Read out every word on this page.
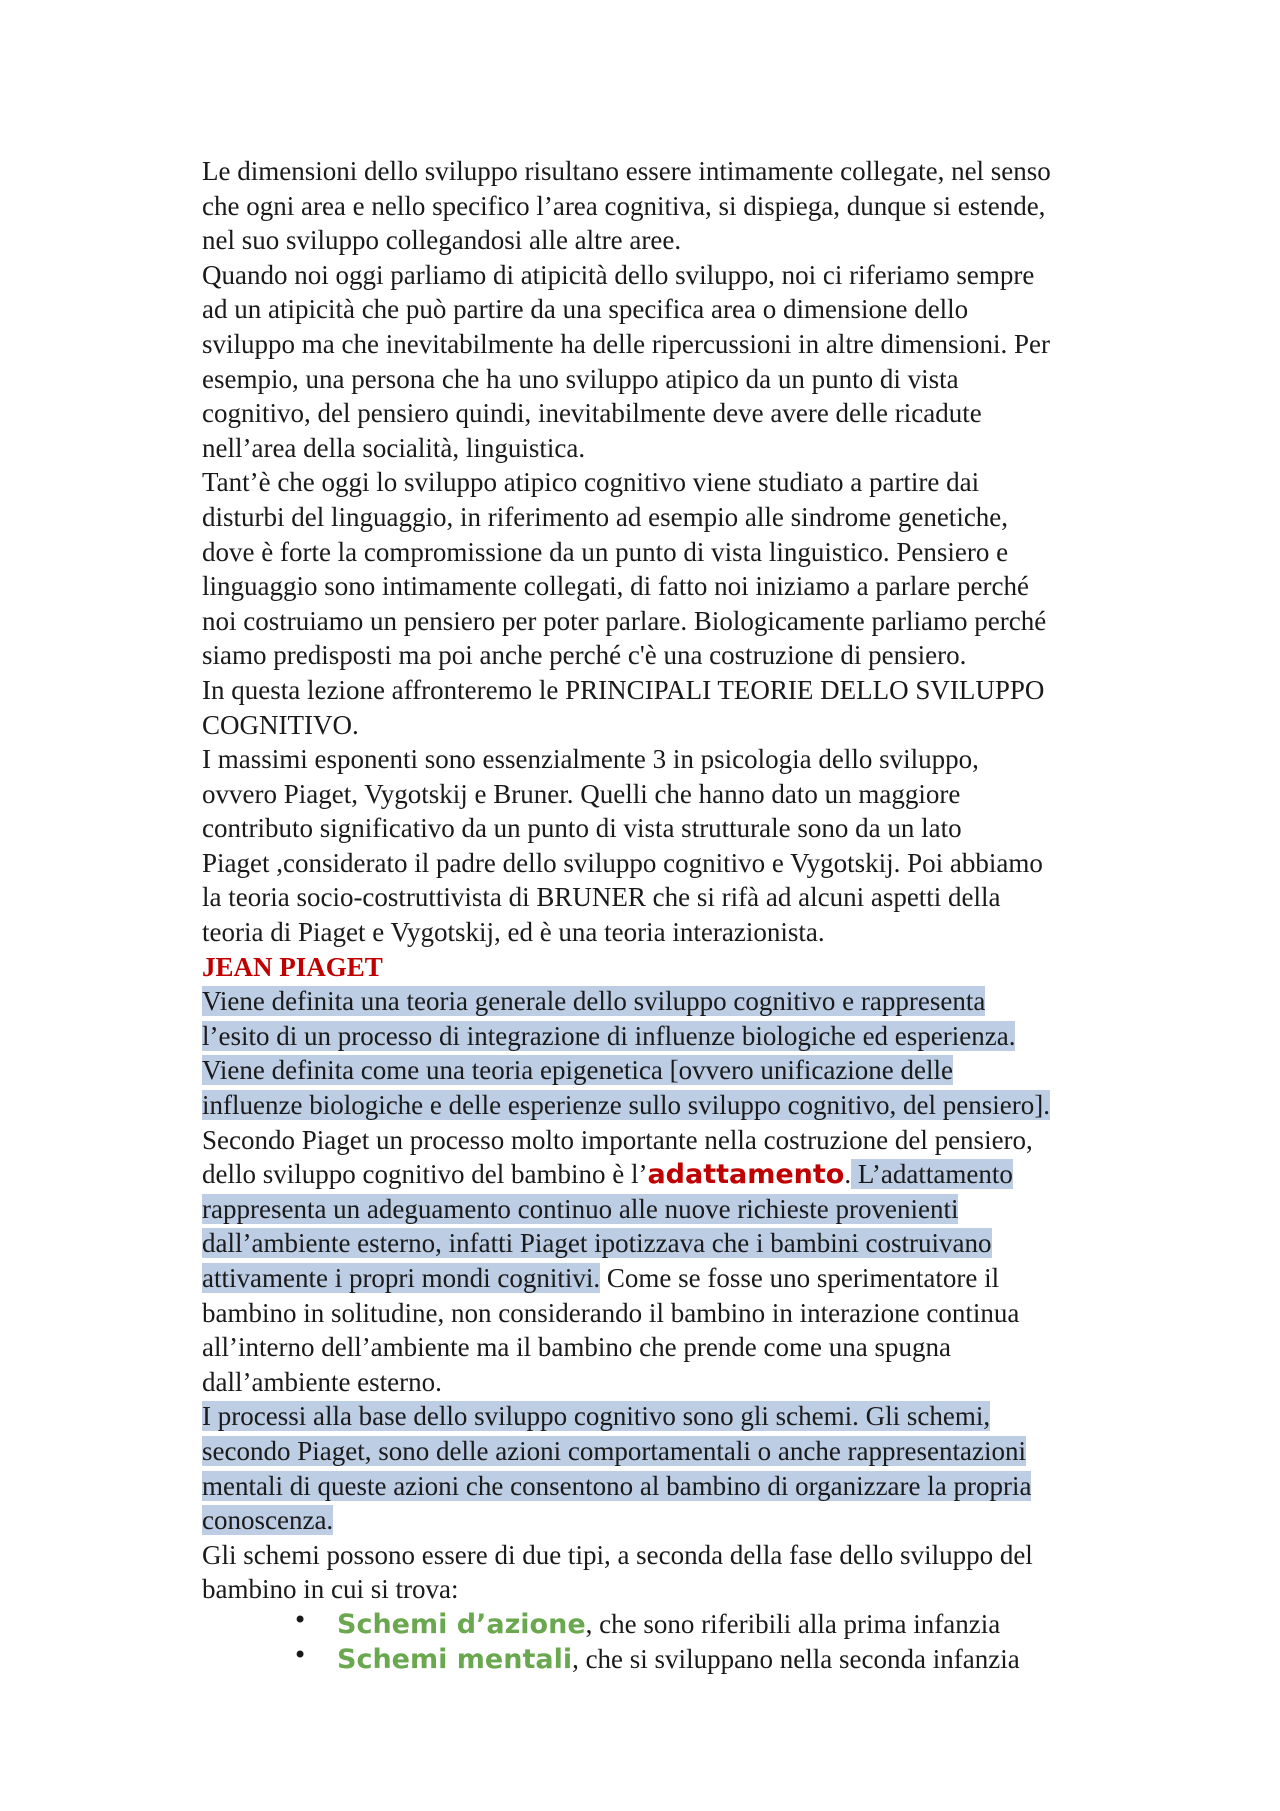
Le dimensioni dello sviluppo risultano essere intimamente collegate, nel senso
che ogni area e nello specifico l’area cognitiva, si dispiega, dunque si estende,
nel suo sviluppo collegandosi alle altre aree.
Quando noi oggi parliamo di atipicità dello sviluppo, noi ci riferiamo sempre
ad un atipicità che può partire da una specifica area o dimensione dello
sviluppo ma che inevitabilmente ha delle ripercussioni in altre dimensioni. Per
esempio, una persona che ha uno sviluppo atipico da un punto di vista
cognitivo, del pensiero quindi, inevitabilmente deve avere delle ricadute
nell’area della socialità, linguistica.
Tant’è che oggi lo sviluppo atipico cognitivo viene studiato a partire dai
disturbi del linguaggio, in riferimento ad esempio alle sindrome genetiche,
dove è forte la compromissione da un punto di vista linguistico. Pensiero e
linguaggio sono intimamente collegati, di fatto noi iniziamo a parlare perché
noi costruiamo un pensiero per poter parlare. Biologicamente parliamo perché
siamo predisposti ma poi anche perché c'è una costruzione di pensiero.
In questa lezione affronteremo le PRINCIPALI TEORIE DELLO SVILUPPO
COGNITIVO.
I massimi esponenti sono essenzialmente 3 in psicologia dello sviluppo,
ovvero Piaget, Vygotskij e Bruner. Quelli che hanno dato un maggiore
contributo significativo da un punto di vista strutturale sono da un lato
Piaget ,considerato il padre dello sviluppo cognitivo e Vygotskij. Poi abbiamo
la teoria socio-costruttivista di BRUNER che si rifà ad alcuni aspetti della
teoria di Piaget e Vygotskij, ed è una teoria interazionista.
JEAN PIAGET
Viene definita una teoria generale dello sviluppo cognitivo e rappresenta
l’esito di un processo di integrazione di influenze biologiche ed esperienza.
Viene definita come una teoria epigenetica [ovvero unificazione delle
influenze biologiche e delle esperienze sullo sviluppo cognitivo, del pensiero].
Secondo Piaget un processo molto importante nella costruzione del pensiero,
dello sviluppo cognitivo del bambino è l’adattamento. L’adattamento
rappresenta un adeguamento continuo alle nuove richieste provenienti
dall’ambiente esterno, infatti Piaget ipotizzava che i bambini costruivano
attivamente i propri mondi cognitivi. Come se fosse uno sperimentatore il
bambino in solitudine, non considerando il bambino in interazione continua
all’interno dell’ambiente ma il bambino che prende come una spugna
dall’ambiente esterno.
I processi alla base dello sviluppo cognitivo sono gli schemi. Gli schemi,
secondo Piaget, sono delle azioni comportamentali o anche rappresentazioni
mentali di queste azioni che consentono al bambino di organizzare la propria
conoscenza.
Gli schemi possono essere di due tipi, a seconda della fase dello sviluppo del
bambino in cui si trova:
• Schemi d’azione, che sono riferibili alla prima infanzia
• Schemi mentali, che si sviluppano nella seconda infanzia
